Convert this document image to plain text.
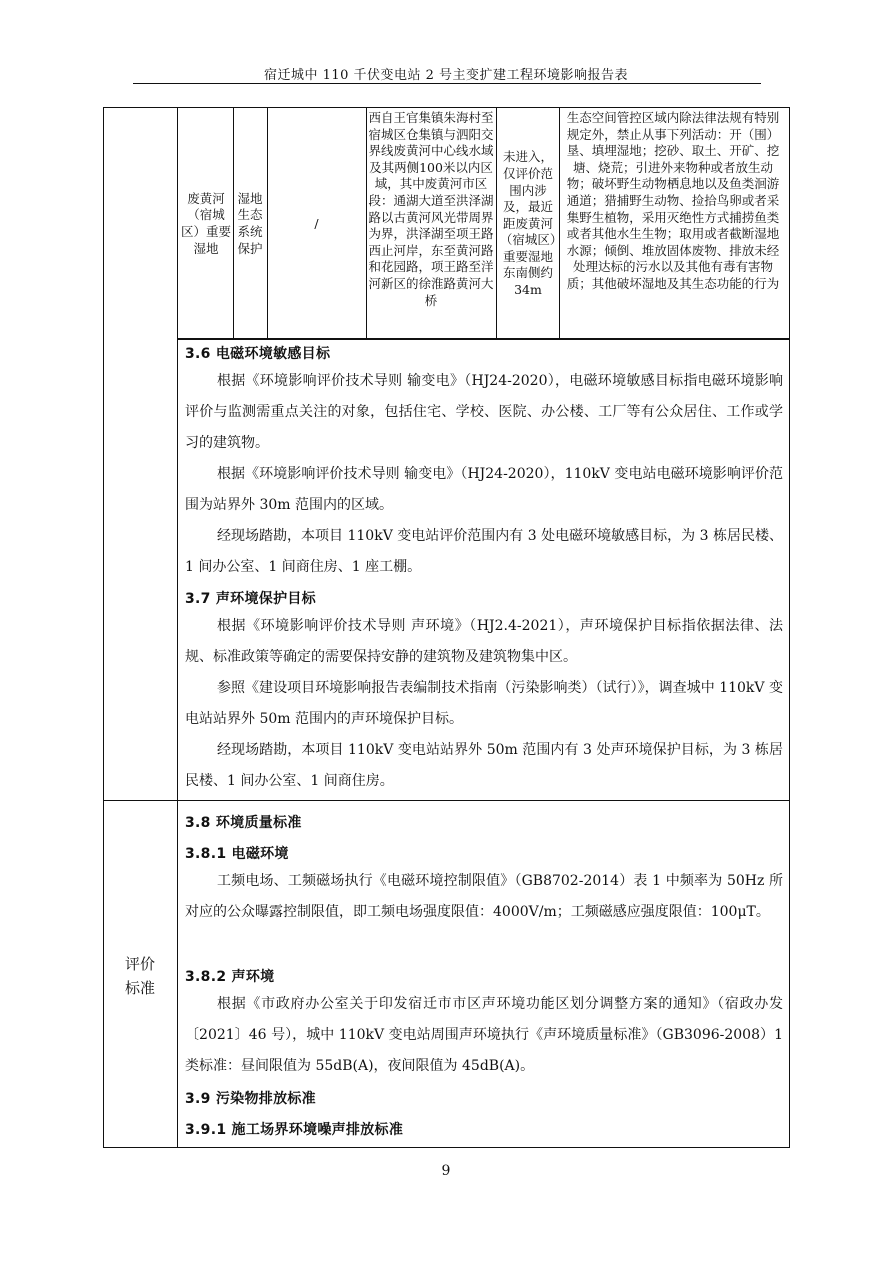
宿迁城中 110 千伏变电站 2 号主变扩建工程环境影响报告表
废黄河（宿城区）重要湿地
湿地生态系统保护
/
西自王官集镇朱海村至宿城区仓集镇与泗阳交界线废黄河中心线水域及其两侧100米以内区域，其中废黄河市区段：通湖大道至洪泽湖路以古黄河风光带周界为界，洪泽湖至项王路西止河岸，东至黄河路和花园路，项王路至洋河新区的徐淮路黄河大桥
未进入，仅评价范围内涉及，最近距废黄河（宿城区）重要湿地东南侧约 34m
生态空间管控区域内除法律法规有特别规定外，禁止从事下列活动：开（围）垦、填埋湿地；挖砂、取土、开矿、挖塘、烧荒；引进外来物种或者放生动物；破坏野生动物栖息地以及鱼类洄游通道；猎捕野生动物、捡拾鸟卵或者采集野生植物，采用灭绝性方式捕捞鱼类或者其他水生生物；取用或者截断湿地水源；倾倒、堆放固体废物、排放未经处理达标的污水以及其他有毒有害物质；其他破坏湿地及其生态功能的行为
3.6 电磁环境敏感目标
根据《环境影响评价技术导则 输变电》（HJ24-2020），电磁环境敏感目标指电磁环境影响评价与监测需重点关注的对象，包括住宅、学校、医院、办公楼、工厂等有公众居住、工作或学习的建筑物。
根据《环境影响评价技术导则 输变电》（HJ24-2020），110kV 变电站电磁环境影响评价范围为站界外 30m 范围内的区域。
经现场踏勘，本项目 110kV 变电站评价范围内有 3 处电磁环境敏感目标，为 3 栋居民楼、1 间办公室、1 间商住房、1 座工棚。
3.7 声环境保护目标
根据《环境影响评价技术导则 声环境》（HJ2.4-2021），声环境保护目标指依据法律、法规、标准政策等确定的需要保持安静的建筑物及建筑物集中区。
参照《建设项目环境影响报告表编制技术指南（污染影响类）（试行）》，调查城中 110kV 变电站站界外 50m 范围内的声环境保护目标。
经现场踏勘，本项目 110kV 变电站站界外 50m 范围内有 3 处声环境保护目标，为 3 栋居民楼、1 间办公室、1 间商住房。
评价
标准
3.8 环境质量标准
3.8.1 电磁环境
工频电场、工频磁场执行《电磁环境控制限值》（GB8702-2014）表 1 中频率为 50Hz 所对应的公众曝露控制限值，即工频电场强度限值：4000V/m；工频磁感应强度限值：100μT。
3.8.2 声环境
根据《市政府办公室关于印发宿迁市市区声环境功能区划分调整方案的通知》（宿政办发〔2021〕46 号），城中 110kV 变电站周围声环境执行《声环境质量标准》（GB3096-2008）1 类标准：昼间限值为 55dB(A)，夜间限值为 45dB(A)。
3.9 污染物排放标准
3.9.1 施工场界环境噪声排放标准
9
